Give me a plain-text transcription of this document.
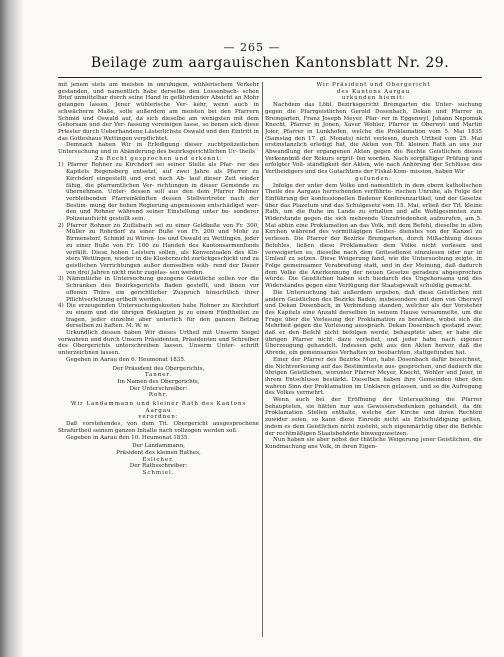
— 265 —
Beilage zum aargauischen Kantonsblatt Nr. 29.

mit jenem stets am meisten in unruhigem, wühlerischem Verkehr gestanden, und namentlich habe derselbe den Lossenbach- schen Brief unmittelbar durch seine Hand in gefährdender Absicht an Mohr gelangen lassen. Jener wühlerische Ver- kehr, wenn auch in schwächerm Maße, solle außerdem am meisten bei den Pfarrern Schmid und Oswald auf, da sich dieselbe am wenigsten mit dem Gehorsam und der Ver- fassung vereinigen lasse, so benen sich diese Priester durch Ueberhandene Lästerlichste Oswald und den Eintritt in das Gotteshaus Wettingen verpflichtet.

Demnach haben Wir in Erledigung dieser zuchtpolizeilichen Untersuchung und in Abänderung des bezirksgerichtlichen Ur- theils

Zu Recht gesprochen und erkennt:

1) Pfarrer Rohner zu Kirchdorf sei seiner Stelle als Pfar- rer des Kapitels Regensberg entsetzt, auf zwei Jahre als Pfarrer zu Kirchdorf eingestellt und erst nach Ab- lauf dieser Zeit wieder fähig, die pfarramtlichen Ver- richtungen in dieser Gemeinde zu übernehmen. Unter- dessen soll aus den dem Pfarrer Rohner verbleibenden Pfarreinkünften dessen Stellvertreter nach der Bestim- mung der hohen Regierung angemessen entschädiget wer- den und Rohner während seiner Einstellung unter be- sonderer Polizeiaufsicht gestellt sein.

2) Pfarrer Rohner zu Zuilisbach sei zu einer Geldbuße von Fr. 300, Müller zu Rohrdorf zu einer Buße von Fr. 200 und Mohr zu Birmenstorf, Schmid zu Würen- los und Oswald zu Wettingen, jeder zu einer Buße von Fr. 100 zu Handen des Kantonsarmenfonds verfällt. Diese hohen Leistern sollen, als Konventualen des Klo- sters Wettingen, wieder in die Klosterzucht zurückgeschickt und zu geistlichen Verrichtungen außer demselben wäh- rend der Dauer von drei Jahren nicht mehr zugelas- sen werden.

3) Nämmtliche in Untersuchung gezogene Geistliche sollen vor die Schranken des Bezirksgerichts Baden gestellt, und ihnen vor offenen Thüre ein gerichtlicher Zuspruch hinsichtlich ihrer Pflichtverletzung ertheilt werden.

4) Die erzeugenden Untersuchungskosten habe Rohner zu Kirchdorf zu einem und die übrigen Beklagten je zu einem Fünftheilen zu tragen, jeder einzelne aber unterlich für den ganzen Betrag derselben zu haften. M. W. w.

Urkundlich dessen haben Wir dieses Urtheil mit Unserm Siegel verwahren und durch Unsern Präsidenten, Präsidenten und Schreiber des Obergerichts unterschreiben lassen. Unserm Unter- schrift unterzeichnen lassen.

Gegeben in Aarau den 6. Heumonat 1835.

Der Präsident des Obergerichts,

Tanner.

Im Namen des Obergerichts,

Der Unterschreiber:

Rohr.

Wir Landammann und kleiner Rath des Kantons Aargau

verordnen:

Daß vorstehendes, von dem Tit. Obergericht ausgesprochene Strafurtheil seinem ganzen Inhalte nach vollzogen werden soll.

Gegeben in Aarau den 10. Heumonat 1835.

Der Landammann,

Präsident des kleinen Rathes,

Eslicher.

Der Rathsschreiber:

Schmiel.

Wir Präsident und Obergericht

des Kantons Aargau

urkunden hiemit:

Nachdem das Löbl. Bezirksgericht Bremgarten die Unter- suchung gegen die Pfarrgeistlichen Gerold Dosenbach, Dekan und Pfarrer in Bremgarten, Franz Joseph Meyer, Pfar- rer in Eggenwyl, Johann Nepomuk Knecht, Pfarrer in Jonen, Xaver Wohler, Pfarrer in Oberwyl und Martin Joier, Pfarrer in Lunkhofen, welche die Proklamation vom 5. Mai 1835 (Samstag den 17. gl. Monats) nicht verlesen, durch Urtheil vom 25. Mai erstinstanzlich erledigt hat, die Akten von Tit. kleinen Rath an uns zur Abwandlung der ergangenen Akten gegen die Rechte Geistlichen dieses Verkenntniß der Rekurs ergrif- fen worden. Nach sorgfältiger Prüfung und erfolgter Voll- ständigkeit der Akten, wie nach Anhörung der Schlüsse des Vertheidigers und des Gutachtens der Fiskal-Kom- mission, haben Wir

gefunden:

Infolge der unter dem Volke und namentlich in dem obern katholischen Theile des Aargaus herrschenden verführte- rischen Unruhe, als Folge der Einführung der konfessionellen Badener Konferenzartikel, und der Gesetze über das Plazetum und das Schulgesetz vom 15. Mai, erließ der Tit. kleine Rath, um die Ruhe im Lande zu erhalten und alle Wohlgesinnten zum Widerstande gegen die sich mehrende Unzufriedenheit aufzurufen, am 5. Mai abhin eine Proklamation an das Volk, mit dem Befehl, dieselbe in allen Kirchen während des vormittägigen Gottes- dienstes von der Kanzel zu verlesen. Die Pfarrer der Bezirke Bremgarten, durch Mißachtung dieses Befehles, ließen diese Proklamation dem Volke nicht vorlesen und verweigerten es, dieselbe nach dem Gottesdienst einzulesen oder nur in Umlauf zu setzen. Diese Weigerung fand, wie die Untersuchung zeigte, in Folge gemeinsamer Verabredung statt, und in der Meinung, daß dadurch dem Volke die Anerkennung der neuen Gesetze geradezu abgesprochen würde. Die Geistlichen haben sich hiedurch des Ungehorsams und des Widerstandes gegen eine Verfügung der Staatsgewalt schuldig gemacht.

Die Untersuchung hat außerdem ergeben, daß diese Geistlichen mit andern Geistlichen des Bezirks Baden, insbesondere mit dem von Oberwyl und Dekan Dosenbach, in Verbindung standen, welcher als der Vorsteher des Kapitels eine Anzahl derselben in seinem Hause versammelte, um die Frage über die Vorlesung der Proklamation zu berathen, wobei sich die Mehrheit gegen die Vorlesung aussprach. Dekan Dosenbach gestand zwar, daß er den Befehl nicht befolgen werde, behauptete aber, er habe die übrigen Pfarrer nicht dazu verleitet, und jeder habe nach eigener Überzeugung gehandelt. Indessen geht aus den Akten hervor, daß die Abrede, ein gemeinsames Verhalten zu beobachten, stattgefunden hat.

Einer der Pfarrer des Bezirks Muri, habe Dosenbach dafür bezeichnet, die Nichtverlesung auf das Bestimmteste aus- gesprochen, und dadurch die übrigen Geistlichen, worunter Pfarrer Meyer, Knecht, Wohler und Joier, in ihrem Entschlusse bestärkt. Dieselben haben ihre Gemeinden über den wahren Sinn der Proklamation im Unklaren gelassen, und so die Aufregung des Volkes vermehrt.

Wenn auch bei der Eröffnung der Untersuchung die Pfarrer behaupteten, sie hätten nur aus Gewissensbedenken gehandelt, da die Proklamation Stellen enthalte, welche der Kirche und ihren Rechten zuwider seien, so kann diese Einrede nicht als Entschuldigung gelten, indem es dem Geistlichen nicht zusteht, sich eigenmächtig über die Befehle der rechtmäßigen Staatsbehörde hinwegzusetzen.

Nun haben sie aber nebst der thätliche Weigerung jener Geistlichen, die Kundmachung ans Volk, in ihren Eigen-
